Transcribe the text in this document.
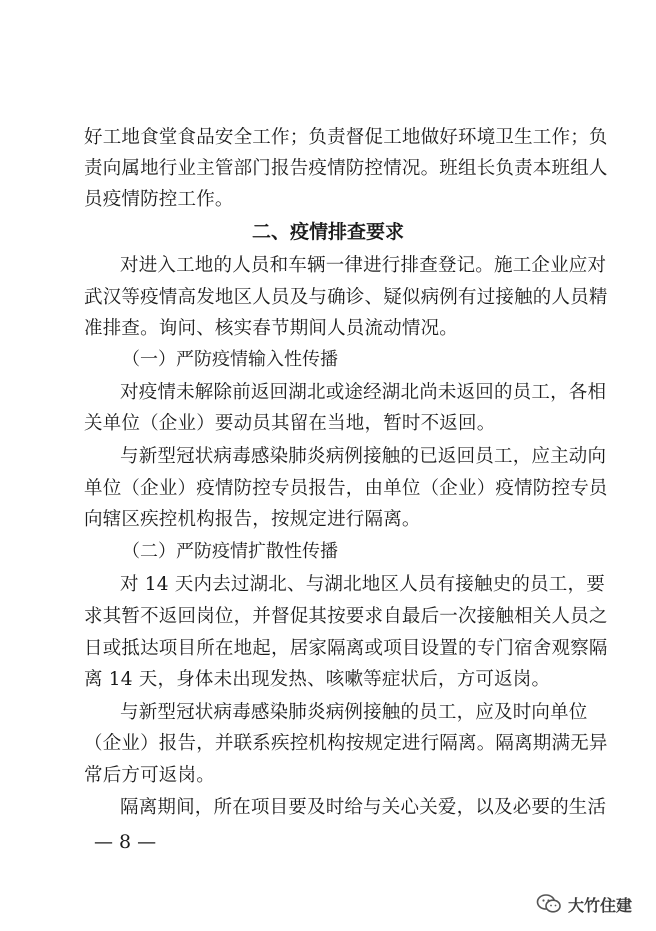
好工地食堂食品安全工作；负责督促工地做好环境卫生工作；负
责向属地行业主管部门报告疫情防控情况。班组长负责本班组人
员疫情防控工作。
二、疫情排查要求
对进入工地的人员和车辆一律进行排查登记。施工企业应对
武汉等疫情高发地区人员及与确诊、疑似病例有过接触的人员精
准排查。询问、核实春节期间人员流动情况。
（一）严防疫情输入性传播
对疫情未解除前返回湖北或途经湖北尚未返回的员工，各相
关单位（企业）要动员其留在当地，暂时不返回。
与新型冠状病毒感染肺炎病例接触的已返回员工，应主动向
单位（企业）疫情防控专员报告，由单位（企业）疫情防控专员
向辖区疾控机构报告，按规定进行隔离。
（二）严防疫情扩散性传播
对 14 天内去过湖北、与湖北地区人员有接触史的员工，要
求其暂不返回岗位，并督促其按要求自最后一次接触相关人员之
日或抵达项目所在地起，居家隔离或项目设置的专门宿舍观察隔
离 14 天，身体未出现发热、咳嗽等症状后，方可返岗。
与新型冠状病毒感染肺炎病例接触的员工，应及时向单位
（企业）报告，并联系疾控机构按规定进行隔离。隔离期满无异
常后方可返岗。
隔离期间，所在项目要及时给与关心关爱，以及必要的生活
— 8 —
大竹住建
